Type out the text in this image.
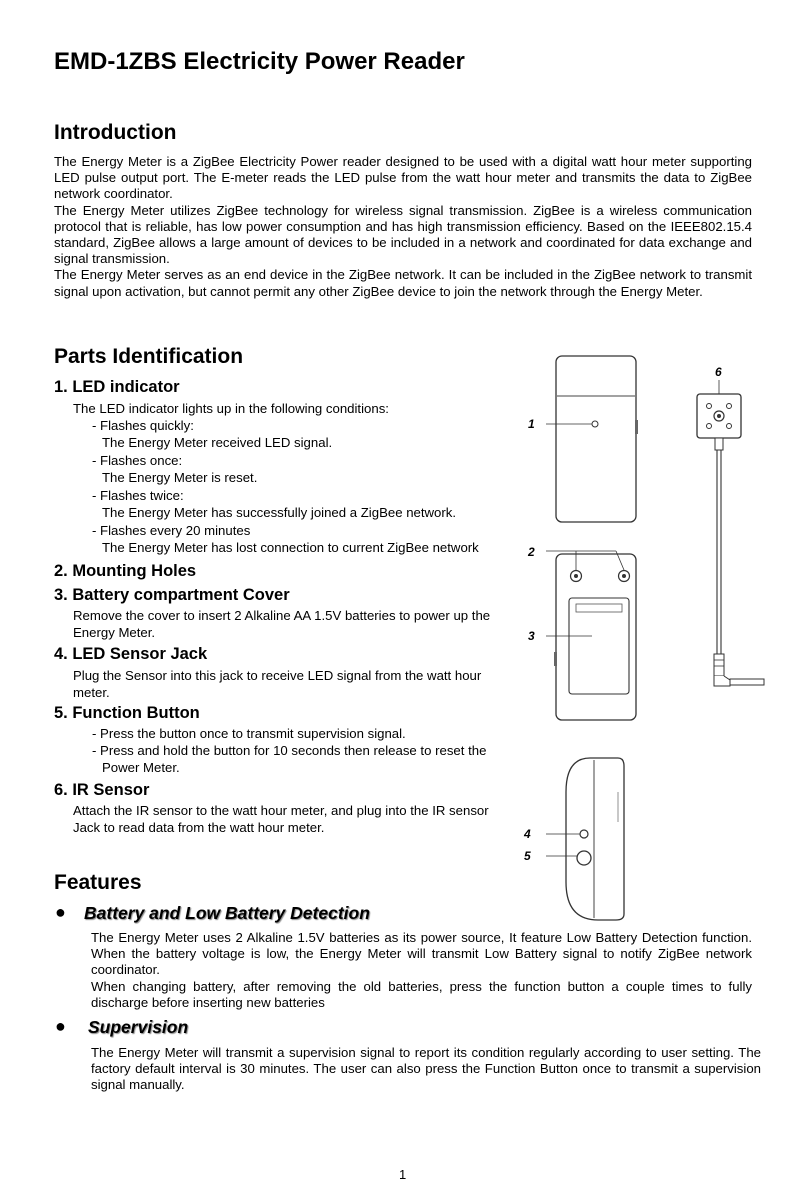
EMD-1ZBS Electricity Power Reader
Introduction

The Energy Meter is a ZigBee Electricity Power reader designed to be used with a digital watt hour meter supporting LED pulse output port. The E-meter reads the LED pulse from the watt hour meter and transmits the data to ZigBee network coordinator.

The Energy Meter utilizes ZigBee technology for wireless signal transmission. ZigBee is a wireless communication protocol that is reliable, has low power consumption and has high transmission efficiency. Based on the IEEE802.15.4 standard, ZigBee allows a large amount of devices to be included in a network and coordinated for data exchange and signal transmission.

The Energy Meter serves as an end device in the ZigBee network. It can be included in the ZigBee network to transmit signal upon activation, but cannot permit any other ZigBee device to join the network through the Energy Meter.

Parts Identification
1. LED indicator
The LED indicator lights up in the following conditions:
- Flashes quickly:
The Energy Meter received LED signal.
- Flashes once:
The Energy Meter is reset.
- Flashes twice:
The Energy Meter has successfully joined a ZigBee network.
- Flashes every 20 minutes
The Energy Meter has lost connection to current ZigBee network
2. Mounting Holes
3. Battery compartment Cover
Remove the cover to insert 2 Alkaline AA 1.5V batteries to power up the
Energy Meter.
4. LED Sensor Jack
Plug the Sensor into this jack to receive LED signal from the watt hour
meter.
5. Function Button
- Press the button once to transmit supervision signal.
- Press and hold the button for 10 seconds then release to reset the
Power Meter.
6. IR Sensor
Attach the IR sensor to the watt hour meter, and plug into the IR sensor
Jack to read data from the watt hour meter.
1
2
3
4
5
6
Features
● Battery and Low Battery Detection

The Energy Meter uses 2 Alkaline 1.5V batteries as its power source, It feature Low Battery Detection function. When the battery voltage is low, the Energy Meter will transmit Low Battery signal to notify ZigBee network coordinator.

When changing battery, after removing the old batteries, press the function button a couple times to fully discharge before inserting new batteries

● Supervision

The Energy Meter will transmit a supervision signal to report its condition regularly according to user setting. The factory default interval is 30 minutes. The user can also press the Function Button once to transmit a supervision signal manually.

1
